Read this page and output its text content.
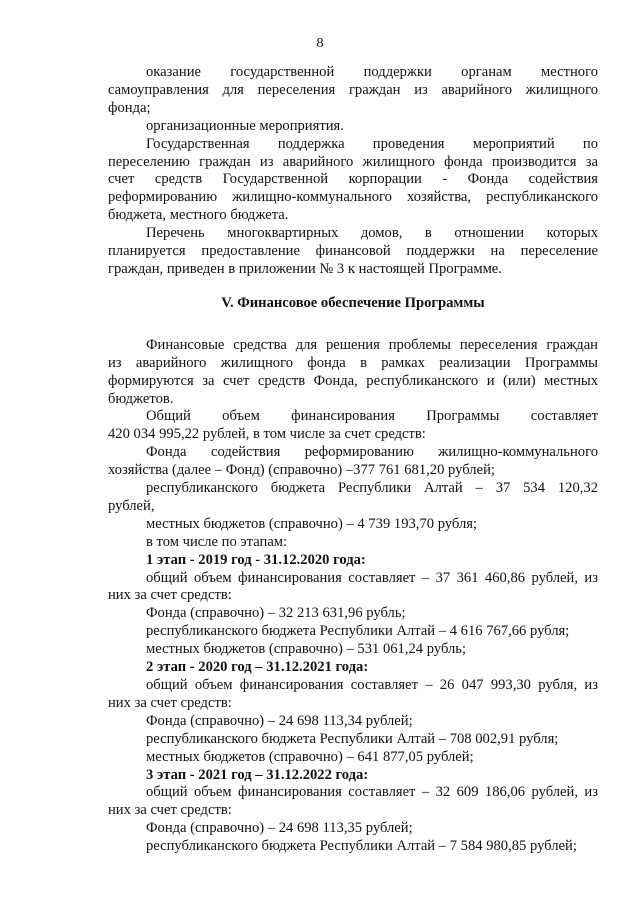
8

оказание государственной поддержки органам местного

самоуправления для переселения граждан из аварийного жилищного

фонда;

организационные мероприятия.

Государственная поддержка проведения мероприятий по

переселению граждан из аварийного жилищного фонда производится за

счет средств Государственной корпорации - Фонда содействия

реформированию жилищно-коммунального хозяйства, республиканского

бюджета, местного бюджета.

Перечень многоквартирных домов, в отношении которых

планируется предоставление финансовой поддержки на переселение

граждан, приведен в приложении № 3 к настоящей Программе.

V. Финансовое обеспечение Программы

Финансовые средства для решения проблемы переселения граждан

из аварийного жилищного фонда в рамках реализации Программы

формируются за счет средств Фонда, республиканского и (или) местных

бюджетов.

Общий объем финансирования Программы составляет

420 034 995,22 рублей, в том числе за счет средств:

Фонда содействия реформированию жилищно-коммунального

хозяйства (далее – Фонд) (справочно) –377 761 681,20 рублей;

республиканского бюджета Республики Алтай – 37 534 120,32

рублей,

местных бюджетов (справочно) – 4 739 193,70 рубля;

в том числе по этапам:

1 этап - 2019 год - 31.12.2020 года:

общий объем финансирования составляет – 37 361 460,86 рублей, из

них за счет средств:

Фонда (справочно) – 32 213 631,96 рубль;

республиканского бюджета Республики Алтай – 4 616 767,66 рубля;

местных бюджетов (справочно) – 531 061,24 рубль;

2 этап - 2020 год – 31.12.2021 года:

общий объем финансирования составляет – 26 047 993,30 рубля, из

них за счет средств:

Фонда (справочно) – 24 698 113,34 рублей;

республиканского бюджета Республики Алтай – 708 002,91 рубля;

местных бюджетов (справочно) – 641 877,05 рублей;

3 этап - 2021 год – 31.12.2022 года:

общий объем финансирования составляет – 32 609 186,06 рублей, из

них за счет средств:

Фонда (справочно) – 24 698 113,35 рублей;

республиканского бюджета Республики Алтай – 7 584 980,85 рублей;
